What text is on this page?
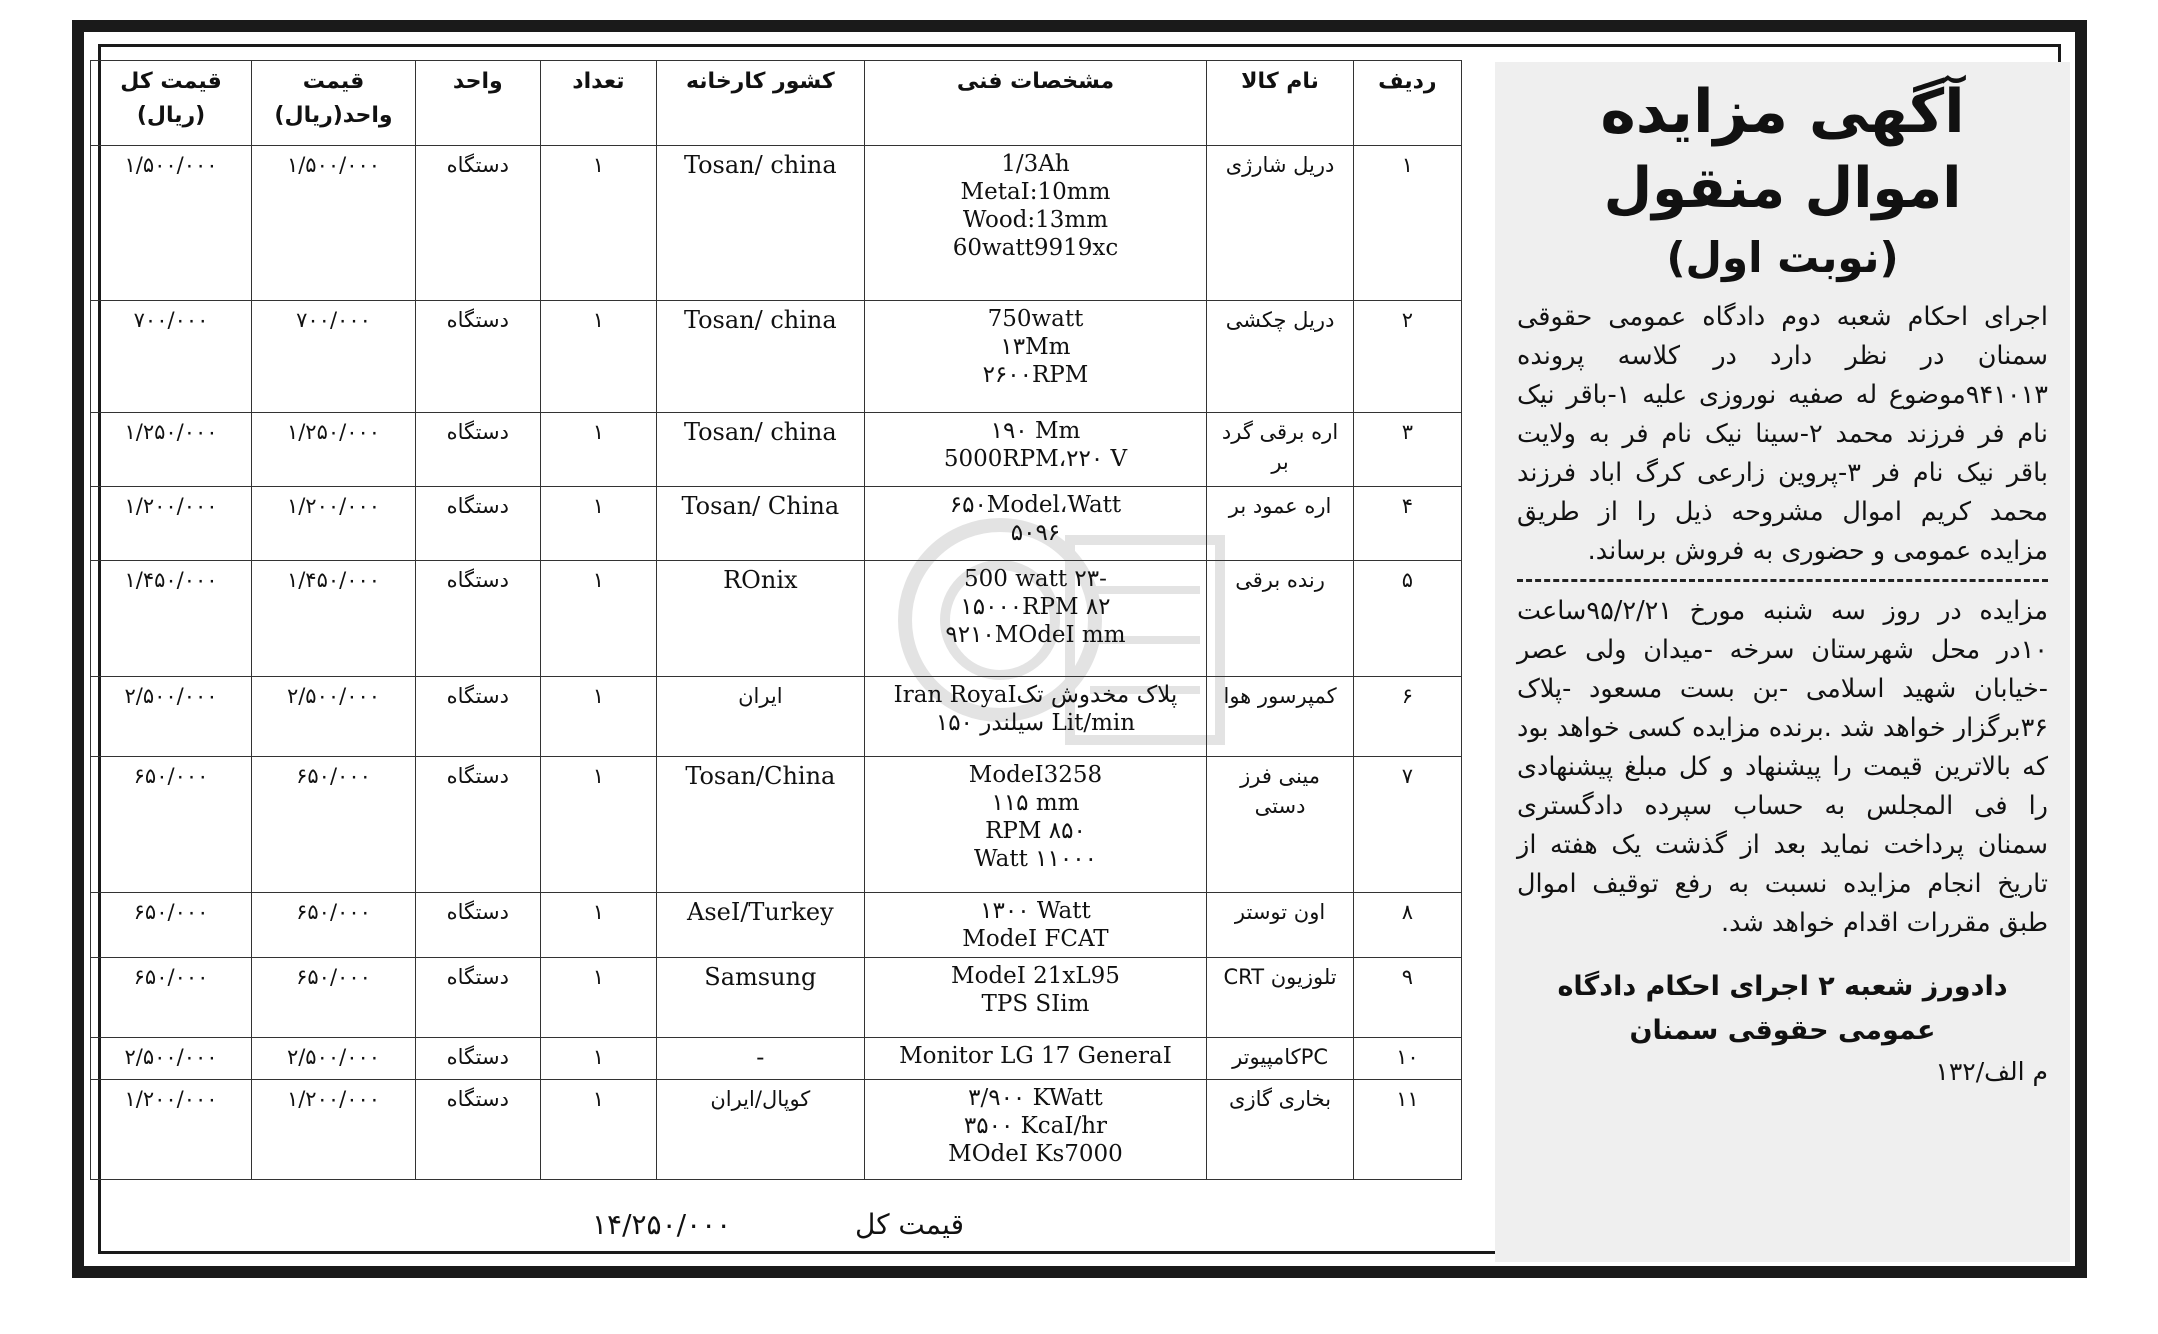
آگهی مزایده
اموال منقول
(نوبت اول)
اجرای احکام شعبه دوم دادگاه عمومی حقوقی سمنان در نظر دارد در کلاسه پرونده ۹۴۱۰۱۳موضوع له صفیه نوروزی علیه ۱-باقر نیک نام فر فرزند محمد ۲-سینا نیک نام فر به ولایت باقر نیک نام فر ۳-پروین زارعی کرگ اباد فرزند محمد کریم اموال مشروحه ذیل را از طریق مزایده عمومی و حضوری به فروش برساند.
مزایده در روز سه شنبه مورخ ۹۵/۲/۲۱ساعت ۱۰در محل شهرستان سرخه -میدان ولی عصر -خیابان شهید اسلامی -بن بست مسعود -پلاک ۳۶برگزار خواهد شد .برنده مزایده کسی خواهد بود که بالاترین قیمت را پیشنهاد و کل مبلغ پیشنهادی را فی المجلس به حساب سپرده دادگستری سمنان پرداخت نماید بعد از گذشت یک هفته از تاریخ انجام مزایده نسبت به رفع توقیف اموال طبق مقررات اقدام خواهد شد.
دادورز شعبه ۲ اجرای احکام دادگاه
عمومی حقوقی سمنان
م الف/۱۳۲
ردیف	نام کالا	مشخصات فنی	کشور کارخانه	تعداد	واحد	قیمت واحد(ریال)	قیمت کل (ریال)
۱	دریل شارژی	1/3Ah
MetaI:10mm
Wood:13mm
60watt9919xc	Tosan/ china	۱	دستگاه	۱/۵۰۰/۰۰۰	۱/۵۰۰/۰۰۰
۲	دریل چکشی	750watt
۱۳Mm
۲۶۰۰RPM	Tosan/ china	۱	دستگاه	۷۰۰/۰۰۰	۷۰۰/۰۰۰
۳	اره برقی گرد بر	۱۹۰ Mm
5000RPM،۲۲۰ V	Tosan/ china	۱	دستگاه	۱/۲۵۰/۰۰۰	۱/۲۵۰/۰۰۰
۴	اره عمود بر	۶۵۰Model،Watt
۵۰۹۶	Tosan/ China	۱	دستگاه	۱/۲۰۰/۰۰۰	۱/۲۰۰/۰۰۰
۵	رنده برقی	500 watt ۲۳-
۱۵۰۰۰RPM ۸۲
۹۲۱۰MOdeI mm	ROnix	۱	دستگاه	۱/۴۵۰/۰۰۰	۱/۴۵۰/۰۰۰
۶	کمپرسور هوا	Iran RoyaIپلاک مخدوش تک
سیلندر ۱۵۰ Lit/min	ایران	۱	دستگاه	۲/۵۰۰/۰۰۰	۲/۵۰۰/۰۰۰
۷	مینی فرز دستی	ModeI3258
۱۱۵ mm
RPM ۸۵۰
Watt ۱۱۰۰۰	Tosan/China	۱	دستگاه	۶۵۰/۰۰۰	۶۵۰/۰۰۰
۸	اون توستر	۱۳۰۰ Watt
ModeI FCAT	AseI/Turkey	۱	دستگاه	۶۵۰/۰۰۰	۶۵۰/۰۰۰
۹	تلوزیون CRT	ModeI 21xL95
TPS SIim	Samsung	۱	دستگاه	۶۵۰/۰۰۰	۶۵۰/۰۰۰
۱۰	PCکامپیوتر	Monitor LG 17 GeneraI	-	۱	دستگاه	۲/۵۰۰/۰۰۰	۲/۵۰۰/۰۰۰
۱۱	بخاری گازی	۳/۹۰۰ KWatt
۳۵۰۰ KcaI/hr
MOdeI Ks7000	کوپال/ایران	۱	دستگاه	۱/۲۰۰/۰۰۰	۱/۲۰۰/۰۰۰
قیمت کل
۱۴/۲۵۰/۰۰۰
